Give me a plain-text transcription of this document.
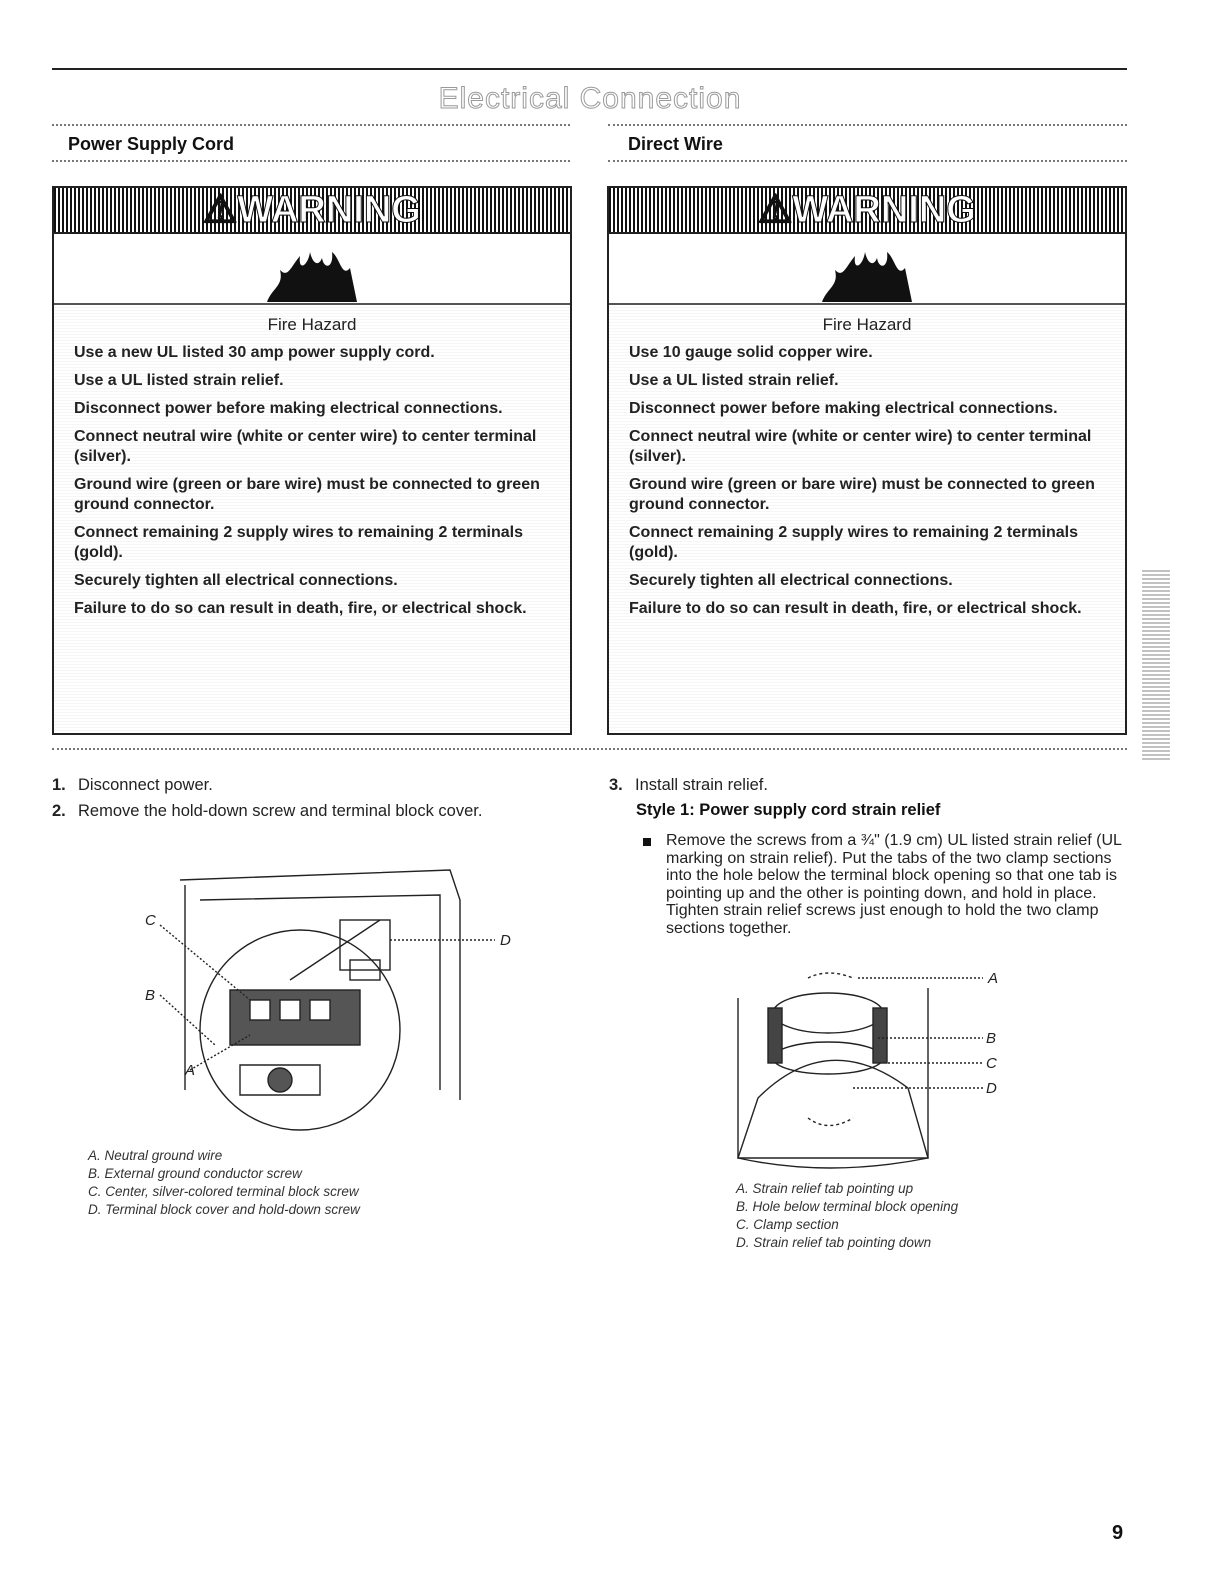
Electrical Connection
Power Supply Cord	Direct Wire
⚠WARNING
Fire Hazard
Use a new UL listed 30 amp power supply cord.
Use a UL listed strain relief.
Disconnect power before making electrical connections.
Connect neutral wire (white or center wire) to center terminal (silver).
Ground wire (green or bare wire) must be connected to green ground connector.
Connect remaining 2 supply wires to remaining 2 terminals (gold).
Securely tighten all electrical connections.
Failure to do so can result in death, fire, or electrical shock.
⚠WARNING
Fire Hazard
Use 10 gauge solid copper wire.
Use a UL listed strain relief.
Disconnect power before making electrical connections.
Connect neutral wire (white or center wire) to center terminal (silver).
Ground wire (green or bare wire) must be connected to green ground connector.
Connect remaining 2 supply wires to remaining 2 terminals (gold).
Securely tighten all electrical connections.
Failure to do so can result in death, fire, or electrical shock.
1. Disconnect power.
2. Remove the hold-down screw and terminal block cover.
C
B
A
D
A. Neutral ground wire
B. External ground conductor screw
C. Center, silver-colored terminal block screw
D. Terminal block cover and hold-down screw
3. Install strain relief.
Style 1: Power supply cord strain relief
Remove the screws from a ¾" (1.9 cm) UL listed strain relief (UL marking on strain relief). Put the tabs of the two clamp sections into the hole below the terminal block opening so that one tab is pointing up and the other is pointing down, and hold in place. Tighten strain relief screws just enough to hold the two clamp sections together.
A
B
C
D
A. Strain relief tab pointing up
B. Hole below terminal block opening
C. Clamp section
D. Strain relief tab pointing down
9
